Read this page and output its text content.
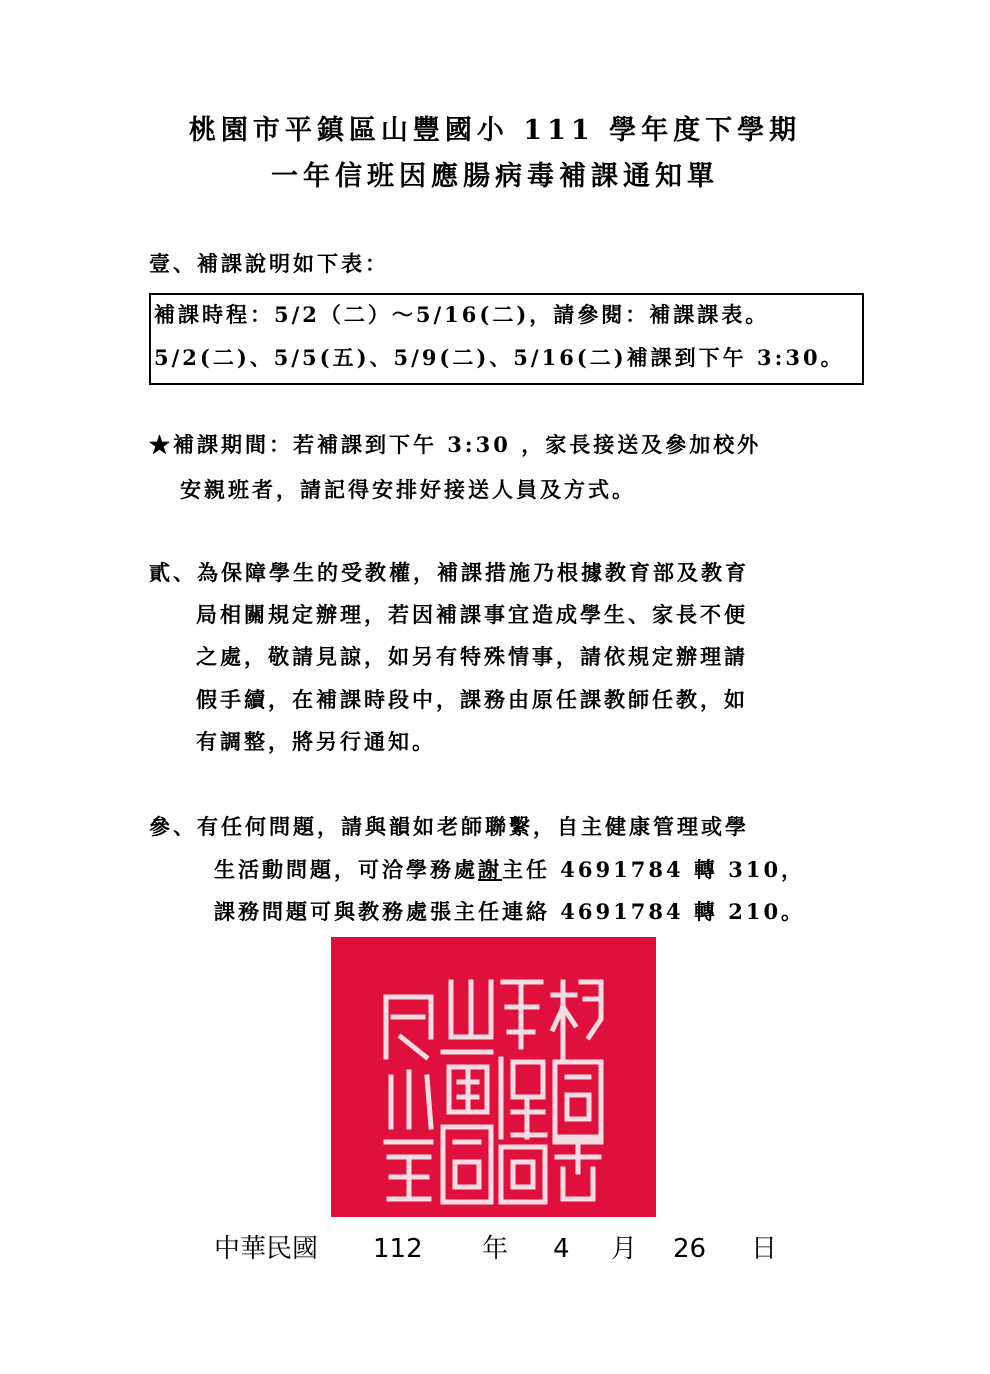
桃園市平鎮區山豐國小 111 學年度下學期
一年信班因應腸病毒補課通知單
壹、補課說明如下表：
補課時程：5/2（二）～5/16(二)，請參閱：補課課表。
5/2(二)、5/5(五)、5/9(二)、5/16(二)補課到下午 3:30。
★補課期間：若補課到下午 3:30 ，家長接送及參加校外
安親班者，請記得安排好接送人員及方式。
貳、為保障學生的受教權，補課措施乃根據教育部及教育
局相關規定辦理，若因補課事宜造成學生、家長不便
之處，敬請見諒，如另有特殊情事，請依規定辦理請
假手續，在補課時段中，課務由原任課教師任教，如
有調整，將另行通知。
參、有任何問題，請與韻如老師聯繫，自主健康管理或學
生活動問題，可洽學務處謝主任 4691784 轉 310，
課務問題可與教務處張主任連絡 4691784 轉 210。
中華民國 112 年 4 月 26 日
